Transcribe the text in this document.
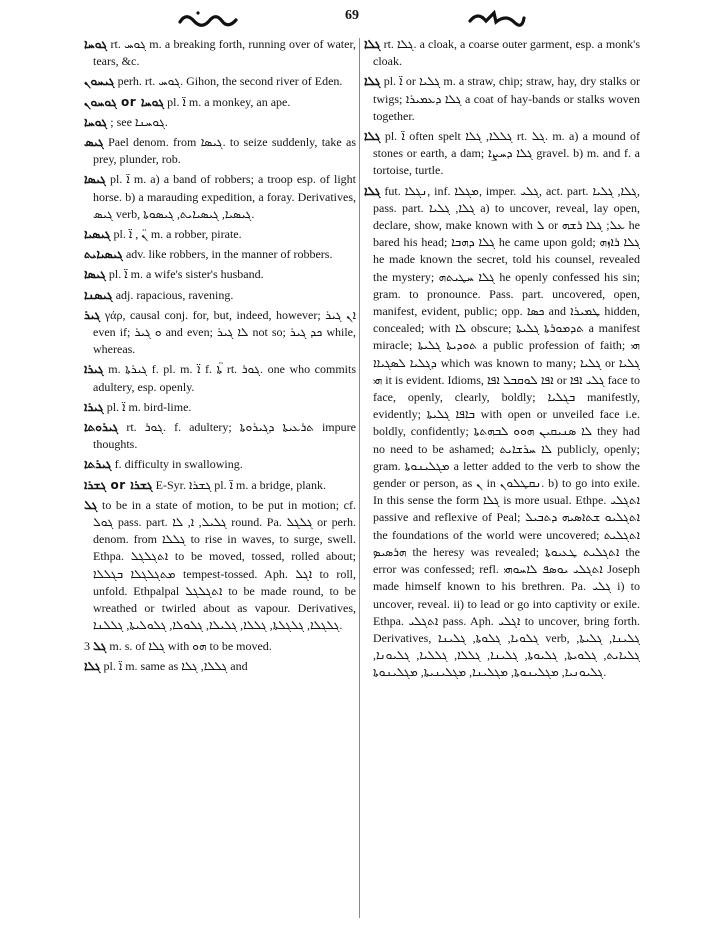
69

ܓܘܚܐ rt. ܓܘܚ m. a breaking forth, running over of water, tears, &c.

ܓܝܚܘܢ perh. rt. ܓܘܚ. Gihon, the second river of Eden.

ܓܘܚܘܢ or ܓܘܚܐ pl. ܐ̈ m. a monkey, an ape.

ܓܘܚܐ ; see ܓܘܚܢܐ.

ܓܝܣ Pael denom. from ܓܝܣܐ. to seize suddenly, take as prey, plunder, rob.

ܓܝܣܐ pl. ܐ̈ m. a) a band of robbers; a troop esp. of light horse. b) a marauding expedition, a foray. Derivatives, ܓܝܣ verb, ܓܝܣܝܐ, ܓܝܣܝܐܝܬ, ܓܝܣܘܬܐ.

ܓܝܣܝܐ pl. ܢ̈ , ܐ̈ m. a robber, pirate.

ܓܝܣܝܐܝܬ adv. like robbers, in the manner of robbers.

ܓܝܣܐ pl. ܐ̈ m. a wife's sister's husband.

ܓܝܣܢܐ adj. rapacious, ravening.

ܓܝܪ γάρ, causal conj. for, but, indeed, however; ܐܢ ܓܝܪ even if; ܘ ܓܝܪ and even; ܠܐ ܓܝܪ not so; ܟܕ ܓܝܪ while, whereas.

ܓܝܪܐ m. ܓܝܪܬܐ f. pl. m. ܐ̈ f. ܬ̈ܐ rt. ܓܘܪ. one who commits adultery, esp. openly.

ܓܝܪܐ pl. ܐ̈ m. bird-lime.

ܓܝܪܘܬܐ rt. ܓܘܪ. f. adultery; ܬܪܥܝܬܐ ܕܓܝܪܘܬܐ impure thoughts.

ܓܝܪܬܐ f. difficulty in swallowing.

ܓܫܪܐ or ܓܫܪܐ E-Syr. ܓܫܪܐ pl. ܐ̈ m. a bridge, plank.

ܓܠ to be in a state of motion, to be put in motion; cf. ܓܘܠ pass. part. ܓܠܝܠ, ܐ, ܠܐ round. Pa. ܓܠܓܠ or perh. denom. from ܓܠܠܐ to rise in waves, to surge, swell. Ethpa. ܐܬܓܠܓܠ to be moved, tossed, rolled about; ܡܬܓܠܓܠܐ ܒܓܠܠܐ tempest-tossed. Aph. ܐܓܠ to roll, unfold. Ethpalpal ܐܬܓܠܓܠ to be made round, to be wreathed or twirled about as vapour. Derivatives, ܓܠܓܠܐ, ܓܠܓܠܬܐ, ܓܠܠܐ, ܓܠܝܠܐ, ܓܠܘܠܐ, ܓܠܘܠܝܬܐ, ܓܠܠܢܐ.

ܓܠ 3 m. s. of ܓܠܐ with ܗܘ to be moved.

ܓܠܐ pl. ܐ̈ m. same as ܓܠܠܐ, ܓܠܐ and

ܓܠܐ rt. ܓܠܐ. a cloak, a coarse outer garment, esp. a monk's cloak.

ܓܠܐ pl. ܐ̈ or ܓܠܝܐ m. a straw, chip; straw, hay, dry stalks or twigs; ܓܠܐ ܕܥܡܝܪܐ a coat of hay-bands or stalks woven together.

ܓܠܐ pl. ܐ̈ often spelt ܓܠܠܐ, ܓܠܐ rt. ܓܠ. m. a) a mound of stones or earth, a dam; ܓܠܐ ܕܚܨܐ gravel. b) m. and f. a tortoise, turtle.

ܓܠܐ fut. ܢܓܠܐ, inf. ܡܓܠܐ, imper. ܓܠܝ, act. part. ܓܠܐ, ܓܠܝܐ, pass. part. ܓܠܐ, ܓܠܝܐ a) to uncover, reveal, lay open, declare, show, make known with ܠ or ܥܠ; ܓܠܐ ܪܫܗ he bared his head; ܓܠܐ ܕܗܒܐ he came upon gold; ܓܠܐ ܪܐܙܗ he made known the secret, told his counsel, revealed the mystery; ܓܠܐ ܚܛܝܬܗ he openly confessed his sin; gram. to pronounce. Pass. part. uncovered, open, manifest, evident, public; opp. ܟܣܐ and ܛܡܝܪܐ hidden, concealed; with ܠܐ obscure; ܬܕܡܘܪܬܐ ܓܠܝܬܐ a manifest miracle; ܬܘܕܝܬܐ ܓܠܝܬܐ a public profession of faith; ܗܝ ܕܓܠܝܐ ܠܣܓܝܐܐ which was known to many; ܓܠܝܐ or ܓܠܝܐ ܗܝ it is evident. Idioms, ܐܦܐ ܠܘܩܒܠ ܐܦܐ or ܓܠܝ ܐܦܐ face to face, openly, clearly, boldly; ܒܓܠܝܐ manifestly, evidently; ܒܐܦܐ ܓܠܝܬܐ with open or unveiled face i.e. boldly, confidently; ܠܐ ܣܢܝܩܝܢ ܗܘܘ ܠܒܗܬܬܐ they had no need to be ashamed; ܠܐ ܚܪܫܐܝܬ publicly, openly; gram. ܡܓܠܝܢܘܬܐ a letter added to the verb to show the gender or person, as ܢ in ܢܩܛܠܘܢ. b) to go into exile. In this sense the form ܓܠܐ is more usual. Ethpe. ܐܬܓܠܝ passive and reflexive of Peal; ܐܬܓܠܝܘ ܫܬܐܤܝܗ ܕܬܒܝܠ the foundations of the world were uncovered; ܐܬܓܠܝܬ ܗܪܣܝܤ the heresy was revealed; ܐܬܓܠܝܬ ܛܥܝܘܬܐ the error was confessed; refl. ܐܬܓܠܝ ܝܘܤܦ ܠܐܚܘܗܝ Joseph made himself known to his brethren. Pa. ܓܠܝ i) to uncover, reveal. ii) to lead or go into captivity or exile. Ethpa. ܐܬܓܠܝ pass. Aph. ܐܓܠܝ to uncover, bring forth. Derivatives, ܓܠܘܝܐ, ܓܠܘܬܐ, ܓܠܝܢܐ verb, ܓܠܝܢܐ, ܓܠܝܬܐ, ܓܠܝܐܝܬ, ܓܠܘܝܬܐ, ܓܠܝܘܬܐ, ܓܠܝܢܐ, ܓܠܠܐ, ܓܠܠܝܐ, ܓܠܝܘܢܐ, ܓܠܝܘܢܝܐ, ܡܓܠܝܢܘܬܐ, ܡܓܠܝܢܐ, ܡܓܠܝܢܝܬܐ, ܡܓܠܝܢܘܬܐ.
